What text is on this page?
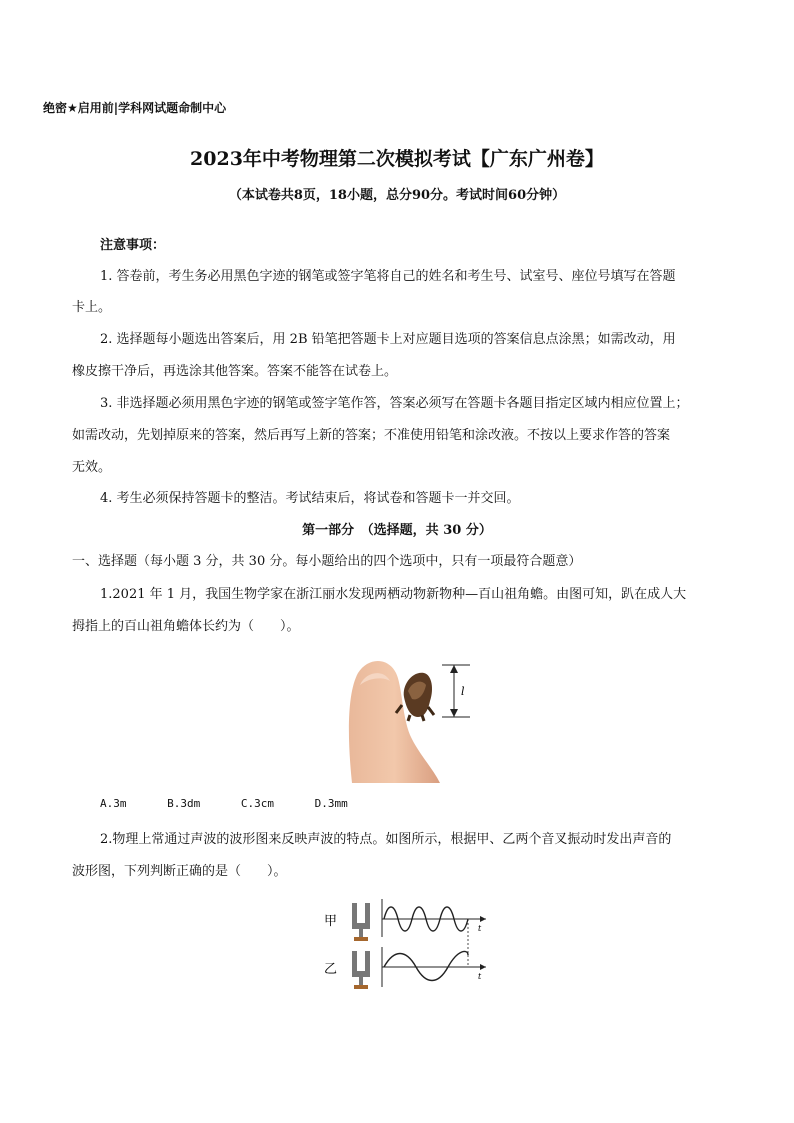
绝密★启用前|学科网试题命制中心
2023年中考物理第二次模拟考试【广东广州卷】
（本试卷共8页，18小题，总分90分。考试时间60分钟）
注意事项：
1. 答卷前，考生务必用黑色字迹的钢笔或签字笔将自己的姓名和考生号、试室号、座位号填写在答题
卡上。
2. 选择题每小题选出答案后，用 2B 铅笔把答题卡上对应题目选项的答案信息点涂黑；如需改动，用
橡皮擦干净后，再选涂其他答案。答案不能答在试卷上。
3. 非选择题必须用黑色字迹的钢笔或签字笔作答，答案必须写在答题卡各题目指定区域内相应位置上；
如需改动，先划掉原来的答案，然后再写上新的答案；不准使用铅笔和涂改液。不按以上要求作答的答案
无效。
4. 考生必须保持答题卡的整洁。考试结束后，将试卷和答题卡一并交回。
第一部分　（选择题，共 30 分）
一、选择题（每小题 3 分，共 30 分。每小题给出的四个选项中，只有一项最符合题意）
1.2021 年 1 月，我国生物学家在浙江丽水发现两栖动物新物种—百山祖角蟾。由图可知，趴在成人大
拇指上的百山祖角蟾体长约为（　　）。
l
A.3m	B.3dm	C.3cm	D.3mm
2.物理上常通过声波的波形图来反映声波的特点。如图所示，根据甲、乙两个音叉振动时发出声音的
波形图，下列判断正确的是（　　）。
甲
乙
t
t
